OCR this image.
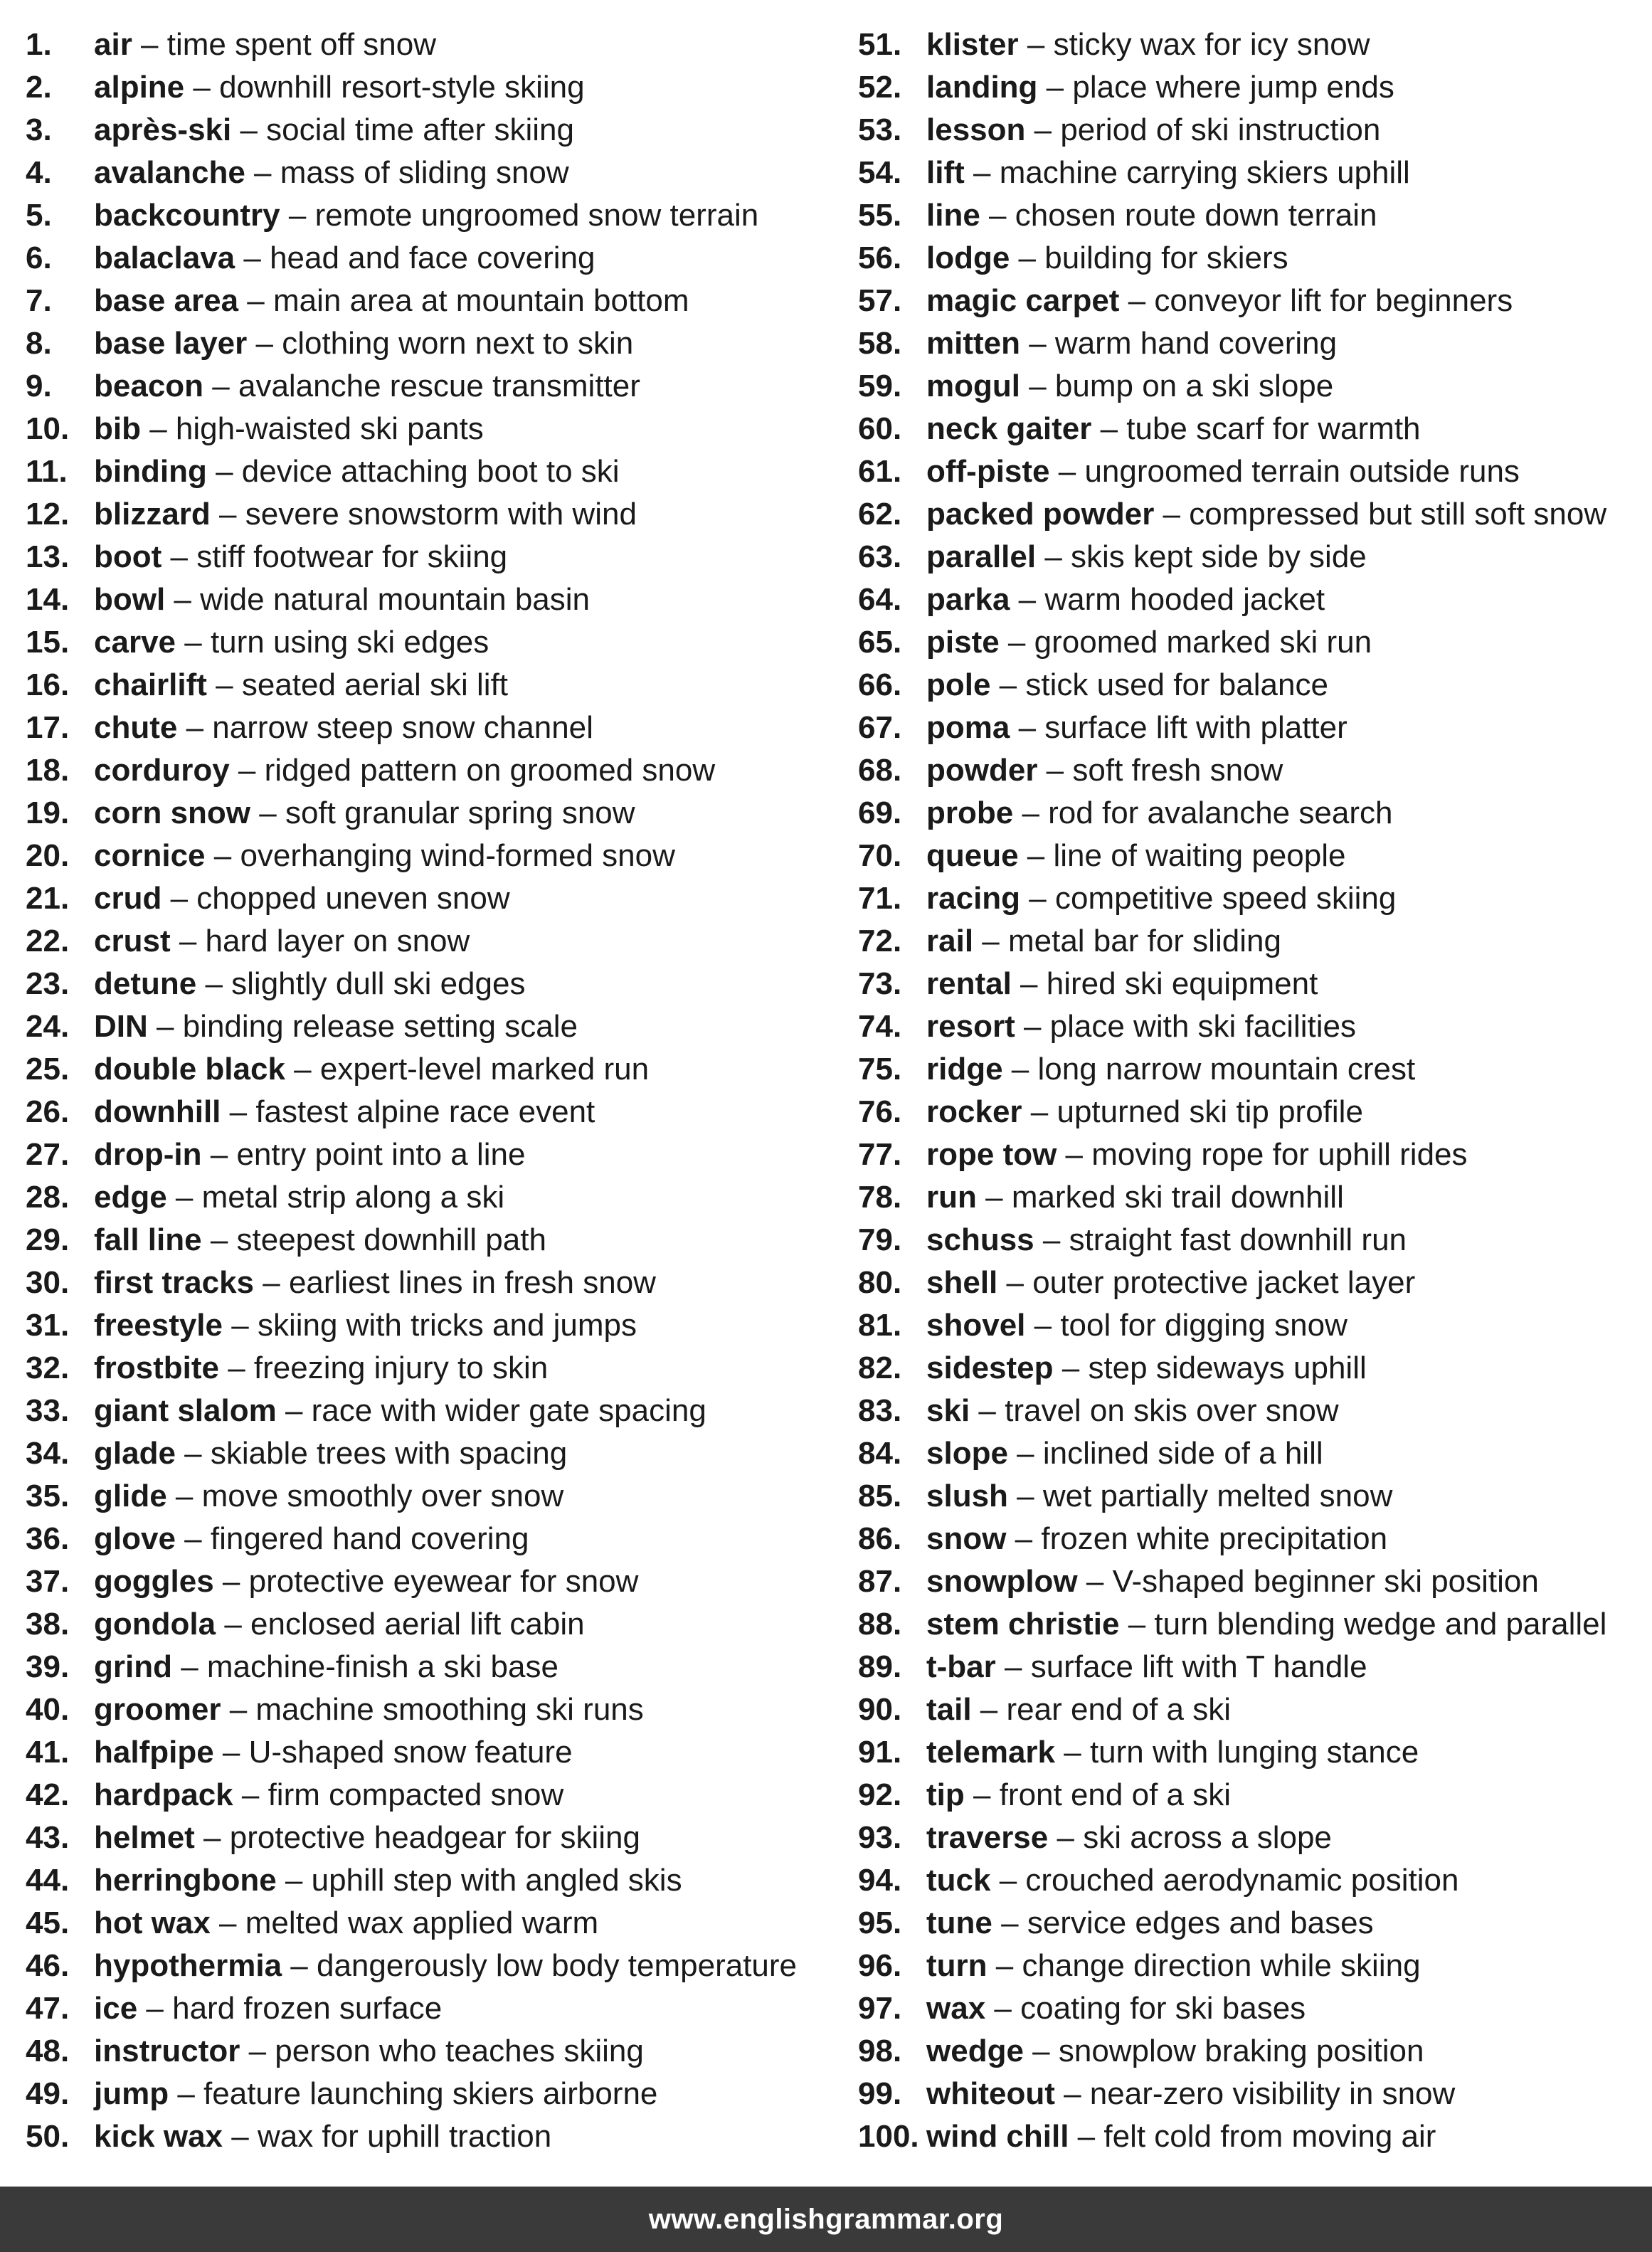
1.	air – time spent off snow
2.	alpine – downhill resort-style skiing
3.	après-ski – social time after skiing
4.	avalanche – mass of sliding snow
5.	backcountry – remote ungroomed snow terrain
6.	balaclava – head and face covering
7.	base area – main area at mountain bottom
8.	base layer – clothing worn next to skin
9.	beacon – avalanche rescue transmitter
10. bib – high-waisted ski pants
11. binding – device attaching boot to ski
12. blizzard – severe snowstorm with wind
13. boot – stiff footwear for skiing
14. bowl – wide natural mountain basin
15. carve – turn using ski edges
16. chairlift – seated aerial ski lift
17. chute – narrow steep snow channel
18. corduroy – ridged pattern on groomed snow
19. corn snow – soft granular spring snow
20. cornice – overhanging wind-formed snow
21. crud – chopped uneven snow
22. crust – hard layer on snow
23. detune – slightly dull ski edges
24. DIN – binding release setting scale
25. double black – expert-level marked run
26. downhill – fastest alpine race event
27. drop-in – entry point into a line
28. edge – metal strip along a ski
29. fall line – steepest downhill path
30. first tracks – earliest lines in fresh snow
31. freestyle – skiing with tricks and jumps
32. frostbite – freezing injury to skin
33. giant slalom – race with wider gate spacing
34. glade – skiable trees with spacing
35. glide – move smoothly over snow
36. glove – fingered hand covering
37. goggles – protective eyewear for snow
38. gondola – enclosed aerial lift cabin
39. grind – machine-finish a ski base
40. groomer – machine smoothing ski runs
41. halfpipe – U-shaped snow feature
42. hardpack – firm compacted snow
43. helmet – protective headgear for skiing
44. herringbone – uphill step with angled skis
45. hot wax – melted wax applied warm
46. hypothermia – dangerously low body temperature
47. ice – hard frozen surface
48. instructor – person who teaches skiing
49. jump – feature launching skiers airborne
50. kick wax – wax for uphill traction
51. klister – sticky wax for icy snow
52. landing – place where jump ends
53. lesson – period of ski instruction
54. lift – machine carrying skiers uphill
55. line – chosen route down terrain
56. lodge – building for skiers
57. magic carpet – conveyor lift for beginners
58. mitten – warm hand covering
59. mogul – bump on a ski slope
60. neck gaiter – tube scarf for warmth
61. off-piste – ungroomed terrain outside runs
62. packed powder – compressed but still soft snow
63. parallel – skis kept side by side
64. parka – warm hooded jacket
65. piste – groomed marked ski run
66. pole – stick used for balance
67. poma – surface lift with platter
68. powder – soft fresh snow
69. probe – rod for avalanche search
70. queue – line of waiting people
71. racing – competitive speed skiing
72. rail – metal bar for sliding
73. rental – hired ski equipment
74. resort – place with ski facilities
75. ridge – long narrow mountain crest
76. rocker – upturned ski tip profile
77. rope tow – moving rope for uphill rides
78. run – marked ski trail downhill
79. schuss – straight fast downhill run
80. shell – outer protective jacket layer
81. shovel – tool for digging snow
82. sidestep – step sideways uphill
83. ski – travel on skis over snow
84. slope – inclined side of a hill
85. slush – wet partially melted snow
86. snow – frozen white precipitation
87. snowplow – V-shaped beginner ski position
88. stem christie – turn blending wedge and parallel
89. t-bar – surface lift with T handle
90. tail – rear end of a ski
91. telemark – turn with lunging stance
92. tip – front end of a ski
93. traverse – ski across a slope
94. tuck – crouched aerodynamic position
95. tune – service edges and bases
96. turn – change direction while skiing
97. wax – coating for ski bases
98. wedge – snowplow braking position
99. whiteout – near-zero visibility in snow
100. wind chill – felt cold from moving air
www.englishgrammar.org
